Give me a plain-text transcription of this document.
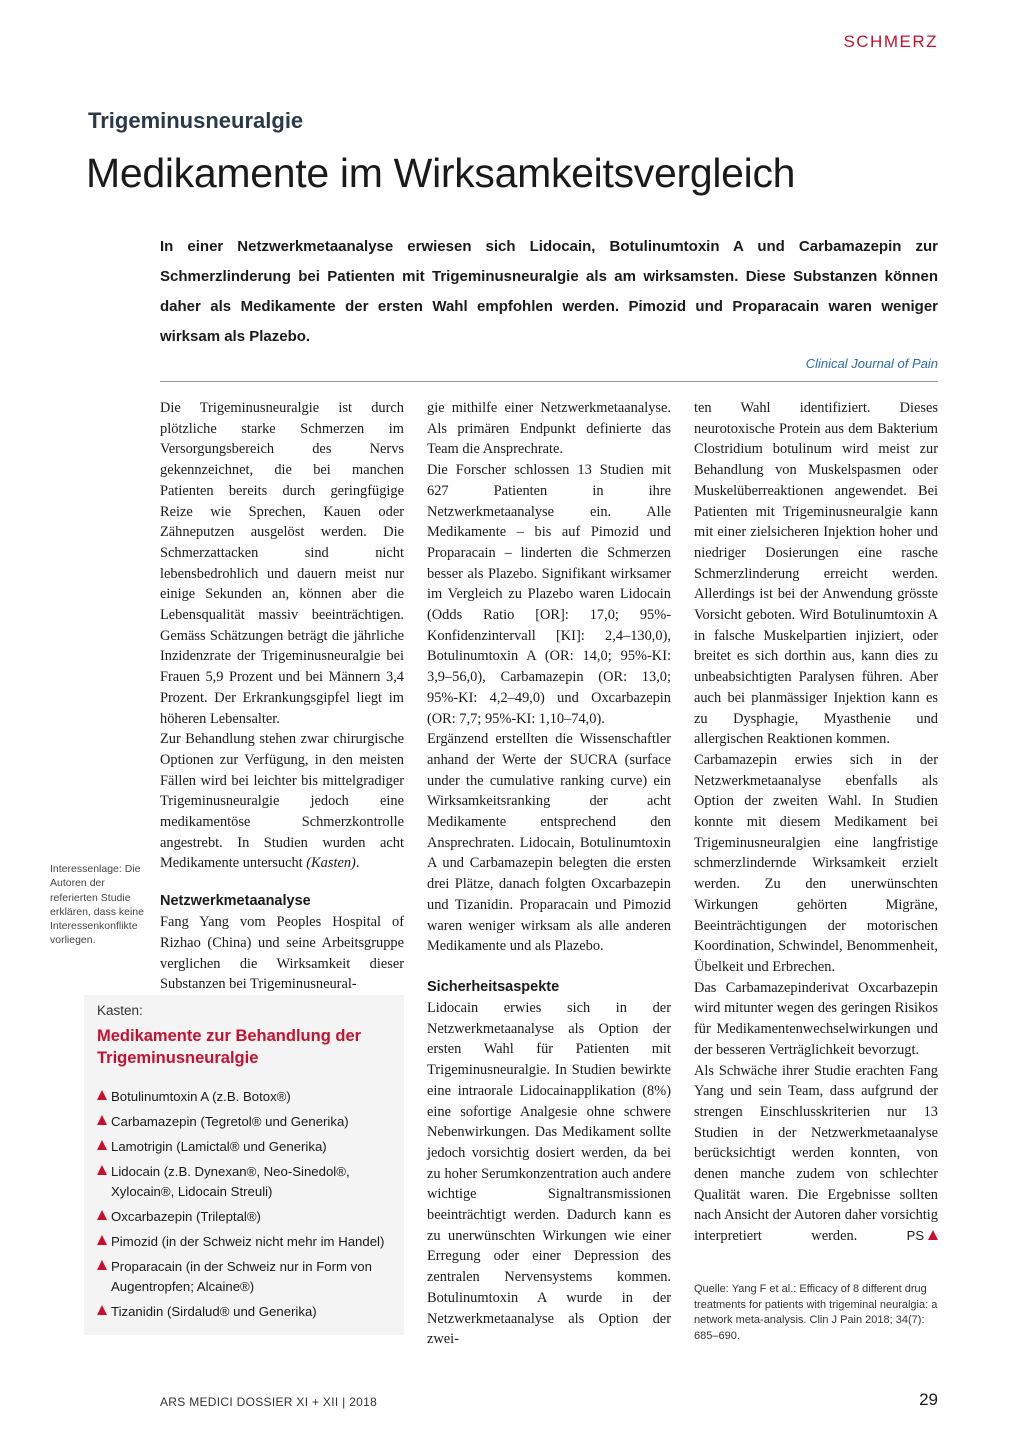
SCHMERZ
Trigeminusneuralgie
Medikamente im Wirksamkeitsvergleich
In einer Netzwerkmetaanalyse erwiesen sich Lidocain, Botulinumtoxin A und Carbamazepin zur Schmerzlinderung bei Patienten mit Trigeminusneuralgie als am wirksamsten. Diese Substanzen können daher als Medikamente der ersten Wahl empfohlen werden. Pimozid und Proparacain waren weniger wirksam als Plazebo.
Clinical Journal of Pain
Interessenlage: Die Autoren der referierten Studie erklären, dass keine Interessenkonflikte vorliegen.

Die Trigeminusneuralgie ist durch plötzliche starke Schmerzen im Versorgungsbereich des Nervs gekennzeichnet, die bei manchen Patienten bereits durch geringfügige Reize wie Sprechen, Kauen oder Zähneputzen ausgelöst werden. Die Schmerzattacken sind nicht lebensbedrohlich und dauern meist nur einige Sekunden an, können aber die Lebensqualität massiv beeinträchtigen. Gemäss Schätzungen beträgt die jährliche Inzidenzrate der Trigeminusneuralgie bei Frauen 5,9 Prozent und bei Männern 3,4 Prozent. Der Erkrankungsgipfel liegt im höheren Lebensalter.

Zur Behandlung stehen zwar chirurgische Optionen zur Verfügung, in den meisten Fällen wird bei leichter bis mittelgradiger Trigeminusneuralgie jedoch eine medikamentöse Schmerzkontrolle angestrebt. In Studien wurden acht Medikamente untersucht (Kasten).

Netzwerkmetaanalyse

Fang Yang vom Peoples Hospital of Rizhao (China) und seine Arbeitsgruppe verglichen die Wirksamkeit dieser Substanzen bei Trigeminusneural-

gie mithilfe einer Netzwerkmetaanalyse. Als primären Endpunkt definierte das Team die Ansprechrate.

Die Forscher schlossen 13 Studien mit 627 Patienten in ihre Netzwerkmetaanalyse ein. Alle Medikamente – bis auf Pimozid und Proparacain – linderten die Schmerzen besser als Plazebo. Signifikant wirksamer im Vergleich zu Plazebo waren Lidocain (Odds Ratio [OR]: 17,0; 95%-Konfidenzintervall [KI]: 2,4–130,0), Botulinumtoxin A (OR: 14,0; 95%-KI: 3,9–56,0), Carbamazepin (OR: 13,0; 95%-KI: 4,2–49,0) und Oxcarbazepin (OR: 7,7; 95%-KI: 1,10–74,0).

Ergänzend erstellten die Wissenschaftler anhand der Werte der SUCRA (surface under the cumulative ranking curve) ein Wirksamkeitsranking der acht Medikamente entsprechend den Ansprechraten. Lidocain, Botulinumtoxin A und Carbamazepin belegten die ersten drei Plätze, danach folgten Oxcarbazepin und Tizanidin. Proparacain und Pimozid waren weniger wirksam als alle anderen Medikamente und als Plazebo.

Sicherheitsaspekte

Lidocain erwies sich in der Netzwerkmetaanalyse als Option der ersten Wahl für Patienten mit Trigeminusneuralgie. In Studien bewirkte eine intraorale Lidocainapplikation (8%) eine sofortige Analgesie ohne schwere Nebenwirkungen. Das Medikament sollte jedoch vorsichtig dosiert werden, da bei zu hoher Serumkonzentration auch andere wichtige Signaltransmissionen beeinträchtigt werden. Dadurch kann es zu unerwünschten Wirkungen wie einer Erregung oder einer Depression des zentralen Nervensystems kommen. Botulinumtoxin A wurde in der Netzwerkmetaanalyse als Option der zwei-

ten Wahl identifiziert. Dieses neurotoxische Protein aus dem Bakterium Clostridium botulinum wird meist zur Behandlung von Muskelspasmen oder Muskelüberreaktionen angewendet. Bei Patienten mit Trigeminusneuralgie kann mit einer zielsicheren Injektion hoher und niedriger Dosierungen eine rasche Schmerzlinderung erreicht werden. Allerdings ist bei der Anwendung grösste Vorsicht geboten. Wird Botulinumtoxin A in falsche Muskelpartien injiziert, oder breitet es sich dorthin aus, kann dies zu unbeabsichtigten Paralysen führen. Aber auch bei planmässiger Injektion kann es zu Dysphagie, Myasthenie und allergischen Reaktionen kommen.

Carbamazepin erwies sich in der Netzwerkmetaanalyse ebenfalls als Option der zweiten Wahl. In Studien konnte mit diesem Medikament bei Trigeminusneuralgien eine langfristige schmerzlindernde Wirksamkeit erzielt werden. Zu den unerwünschten Wirkungen gehörten Migräne, Beeinträchtigungen der motorischen Koordination, Schwindel, Benommenheit, Übelkeit und Erbrechen.

Das Carbamazepinderivat Oxcarbazepin wird mitunter wegen des geringen Risikos für Medikamentenwechselwirkungen und der besseren Verträglichkeit bevorzugt.

Als Schwäche ihrer Studie erachten Fang Yang und sein Team, dass aufgrund der strengen Einschlusskriterien nur 13 Studien in der Netzwerkmetaanalyse berücksichtigt werden konnten, von denen manche zudem von schlechter Qualität waren. Die Ergebnisse sollten nach Ansicht der Autoren daher vorsichtig interpretiert werden.	PS

Quelle: Yang F et al.: Efficacy of 8 different drug treatments for patients with trigeminal neuralgia: a network meta-analysis. Clin J Pain 2018; 34(7): 685–690.
Kasten:
Medikamente zur Behandlung der Trigeminusneuralgie
Botulinumtoxin A (z.B. Botox®)
Carbamazepin (Tegretol® und Generika)
Lamotrigin (Lamictal® und Generika)
Lidocain (z.B. Dynexan®, Neo-Sinedol®, Xylocain®, Lidocain Streuli)
Oxcarbazepin (Trileptal®)
Pimozid (in der Schweiz nicht mehr im Handel)
Proparacain (in der Schweiz nur in Form von Augentropfen; Alcaine®)
Tizanidin (Sirdalud® und Generika)
ARS MEDICI DOSSIER XI + XII | 2018	29
